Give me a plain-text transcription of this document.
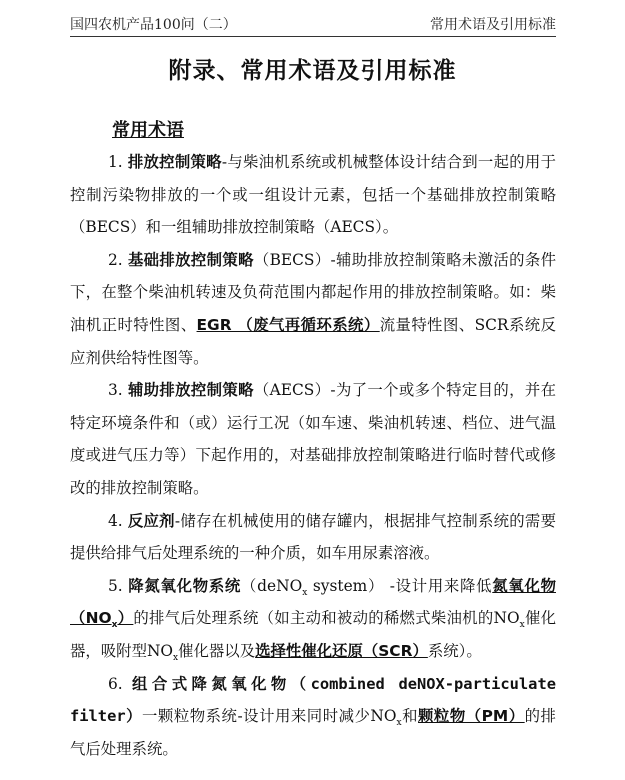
国四农机产品100问（二）	常用术语及引用标准
附录、常用术语及引用标准
常用术语

1. 排放控制策略-与柴油机系统或机械整体设计结合到一起的用于控制污染物排放的一个或一组设计元素，包括一个基础排放控制策略（BECS）和一组辅助排放控制策略（AECS）。

2. 基础排放控制策略（BECS）-辅助排放控制策略未激活的条件下，在整个柴油机转速及负荷范围内都起作用的排放控制策略。如：柴油机正时特性图、EGR （废气再循环系统）流量特性图、SCR系统反应剂供给特性图等。

3. 辅助排放控制策略（AECS）-为了一个或多个特定目的，并在特定环境条件和（或）运行工况（如车速、柴油机转速、档位、进气温度或进气压力等）下起作用的，对基础排放控制策略进行临时替代或修改的排放控制策略。

4. 反应剂-储存在机械使用的储存罐内，根据排气控制系统的需要提供给排气后处理系统的一种介质，如车用尿素溶液。

5. 降氮氧化物系统（deNO$_x$ system） -设计用来降低氮氧化物$(NO_x)$的排气后处理系统（如主动和被动的稀燃式柴油机的$NO_x$催化器，吸附型$NO_x$催化器以及选择性催化还原（SCR）系统）。

6. 组合式降氮氧化物（combined deNOX-particulate filter）一颗粒物系统-设计用来同时减少$NO_x$和颗粒物（PM）的排气后处理系统。
